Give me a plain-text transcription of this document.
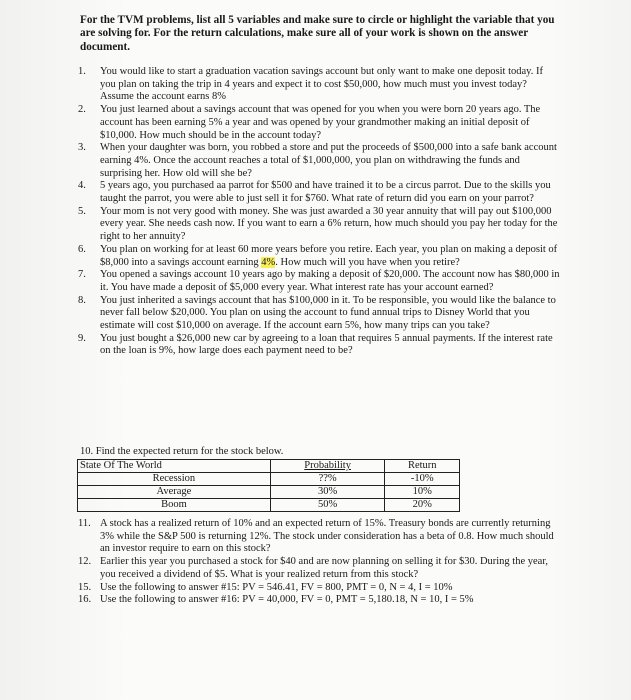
For the TVM problems, list all 5 variables and make sure to circle or highlight the variable that you are solving for. For the return calculations, make sure all of your work is shown on the answer document.
1. You would like to start a graduation vacation savings account but only want to make one deposit today. If you plan on taking the trip in 4 years and expect it to cost $50,000, how much must you invest today? Assume the account earns 8%
2. You just learned about a savings account that was opened for you when you were born 20 years ago. The account has been earning 5% a year and was opened by your grandmother making an initial deposit of $10,000. How much should be in the account today?
3. When your daughter was born, you robbed a store and put the proceeds of $500,000 into a safe bank account earning 4%. Once the account reaches a total of $1,000,000, you plan on withdrawing the funds and surprising her. How old will she be?
4. 5 years ago, you purchased aa parrot for $500 and have trained it to be a circus parrot. Due to the skills you taught the parrot, you were able to just sell it for $760. What rate of return did you earn on your parrot?
5. Your mom is not very good with money. She was just awarded a 30 year annuity that will pay out $100,000 every year. She needs cash now. If you want to earn a 6% return, how much should you pay her today for the right to her annuity?
6. You plan on working for at least 60 more years before you retire. Each year, you plan on making a deposit of $8,000 into a savings account earning 4%. How much will you have when you retire?
7. You opened a savings account 10 years ago by making a deposit of $20,000. The account now has $80,000 in it. You have made a deposit of $5,000 every year. What interest rate has your account earned?
8. You just inherited a savings account that has $100,000 in it. To be responsible, you would like the balance to never fall below $20,000. You plan on using the account to fund annual trips to Disney World that you estimate will cost $10,000 on average. If the account earn 5%, how many trips can you take?
9. You just bought a $26,000 new car by agreeing to a loan that requires 5 annual payments. If the interest rate on the loan is 9%, how large does each payment need to be?
10. Find the expected return for the stock below.
State Of The World	Probability	Return
Recession	??%	-10%
Average	30%	10%
Boom	50%	20%
11. A stock has a realized return of 10% and an expected return of 15%. Treasury bonds are currently returning 3% while the S&P 500 is returning 12%. The stock under consideration has a beta of 0.8. How much should an investor require to earn on this stock?
12. Earlier this year you purchased a stock for $40 and are now planning on selling it for $30. During the year, you received a dividend of $5. What is your realized return from this stock?
15. Use the following to answer #15: PV = 546.41, FV = 800, PMT = 0, N = 4, I = 10%
16. Use the following to answer #16: PV = 40,000, FV = 0, PMT = 5,180.18, N = 10, I = 5%
